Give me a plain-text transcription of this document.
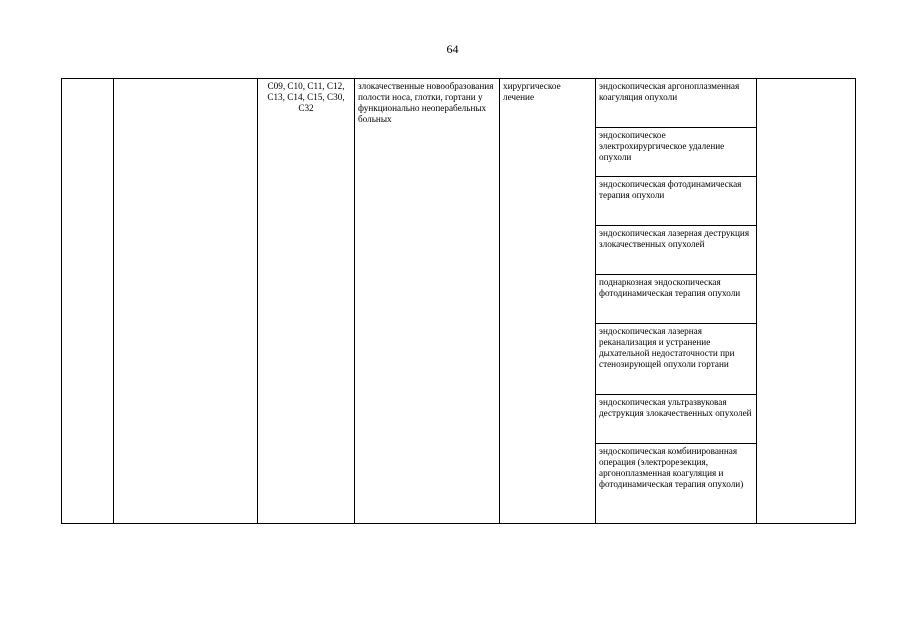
64
		C09, C10, C11, C12, C13, C14, C15, C30, C32	злокачественные новообразования полости носа, глотки, гортани у функционально неоперабельных больных	хирургическое лечение	эндоскопическая аргоноплазменная коагуляция опухоли	
эндоскопическое электрохирургическое удаление опухоли
эндоскопическая фотодинамическая терапия опухоли
эндоскопическая лазерная деструкция злокачественных опухолей
поднаркозная эндоскопическая фотодинамическая терапия опухоли
эндоскопическая лазерная реканализация и устранение дыхательной недостаточности при стенозирующей опухоли гортани
эндоскопическая ультразвуковая деструкция злокачественных опухолей
эндоскопическая комбинированная операция (электрорезекция, аргоноплазменная коагуляция и фотодинамическая терапия опухоли)
